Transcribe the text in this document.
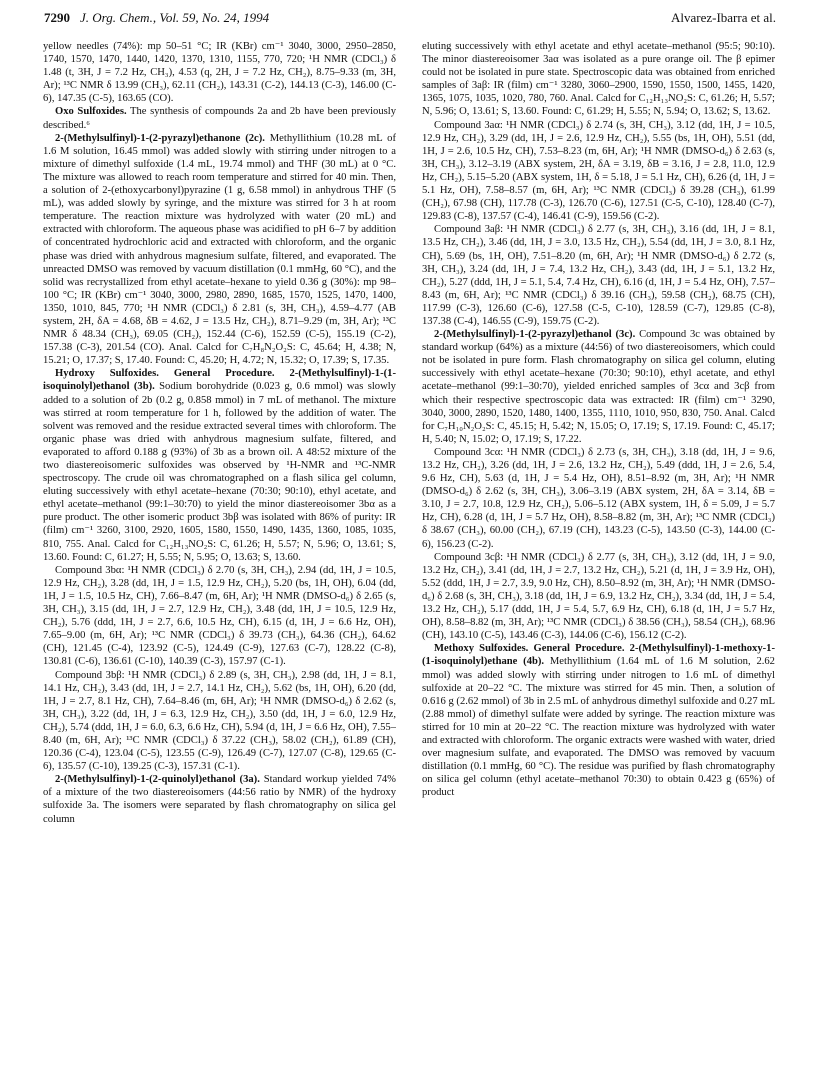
7290 J. Org. Chem., Vol. 59, No. 24, 1994	Alvarez-Ibarra et al.

yellow needles (74%): mp 50–51 °C; IR (KBr) cm⁻¹ 3040, 3000, 2950–2850, 1740, 1570, 1470, 1440, 1420, 1370, 1310, 1155, 770, 720; ¹H NMR (CDCl₃) δ 1.48 (t, 3H, J = 7.2 Hz, CH₃), 4.53 (q, 2H, J = 7.2 Hz, CH₂), 8.75–9.33 (m, 3H, Ar); ¹³C NMR δ 13.99 (CH₃), 62.11 (CH₂), 143.31 (C-2), 144.13 (C-3), 146.00 (C-6), 147.35 (C-5), 163.65 (CO).

Oxo Sulfoxides. The synthesis of compounds 2a and 2b have been previously described.⁶

2-(Methylsulfinyl)-1-(2-pyrazyl)ethanone (2c). Methyllithium (10.28 mL of 1.6 M solution, 16.45 mmol) was added slowly with stirring under nitrogen to a mixture of dimethyl sulfoxide (1.4 mL, 19.74 mmol) and THF (30 mL) at 0 °C. The mixture was allowed to reach room temperature and stirred for 40 min. Then, a solution of 2-(ethoxycarbonyl)pyrazine (1 g, 6.58 mmol) in anhydrous THF (5 mL), was added slowly by syringe, and the mixture was stirred for 3 h at room temperature. The reaction mixture was hydrolyzed with water (20 mL) and extracted with chloroform. The aqueous phase was acidified to pH 6–7 by addition of concentrated hydrochloric acid and extracted with chloroform, and the organic phase was dried with anhydrous magnesium sulfate, filtered, and evaporated. The unreacted DMSO was removed by vacuum distillation (0.1 mmHg, 60 °C), and the solid was recrystallized from ethyl acetate–hexane to yield 0.36 g (30%): mp 98–100 °C; IR (KBr) cm⁻¹ 3040, 3000, 2980, 2890, 1685, 1570, 1525, 1470, 1400, 1350, 1010, 845, 770; ¹H NMR (CDCl₃) δ 2.81 (s, 3H, CH₃), 4.59–4.77 (AB system, 2H, δA = 4.68, δB = 4.62, J = 13.5 Hz, CH₂), 8.71–9.29 (m, 3H, Ar); ¹³C NMR δ 48.34 (CH₃), 69.05 (CH₂), 152.44 (C-6), 152.59 (C-5), 155.19 (C-2), 157.38 (C-3), 201.54 (CO). Anal. Calcd for C₇H₈N₂O₂S: C, 45.64; H, 4.38; N, 15.21; O, 17.37; S, 17.40. Found: C, 45.20; H, 4.72; N, 15.32; O, 17.39; S, 17.35.

Hydroxy Sulfoxides. General Procedure. 2-(Methylsulfinyl)-1-(1-isoquinolyl)ethanol (3b). Sodium borohydride (0.023 g, 0.6 mmol) was slowly added to a solution of 2b (0.2 g, 0.858 mmol) in 7 mL of methanol. The mixture was stirred at room temperature for 1 h, followed by the addition of water. The solvent was removed and the residue extracted several times with chloroform. The organic phase was dried with anhydrous magnesium sulfate, filtered, and evaporated to afford 0.188 g (93%) of 3b as a brown oil. A 48:52 mixture of the two diastereoisomeric sulfoxides was observed by ¹H-NMR and ¹³C-NMR spectroscopy. The crude oil was chromatographed on a flash silica gel column, eluting successively with ethyl acetate–hexane (70:30; 90:10), ethyl acetate, and ethyl acetate–methanol (99:1–30:70) to yield the minor diastereoisomer 3bα as a pure product. The other isomeric product 3bβ was isolated with 86% of purity: IR (film) cm⁻¹ 3260, 3100, 2920, 1605, 1580, 1550, 1490, 1435, 1360, 1085, 1035, 810, 755. Anal. Calcd for C₁₂H₁₃NO₂S: C, 61.26; H, 5.57; N, 5.96; O, 13.61; S, 13.60. Found: C, 61.27; H, 5.55; N, 5.95; O, 13.63; S, 13.60.

Compound 3bα: ¹H NMR (CDCl₃) δ 2.70 (s, 3H, CH₃), 2.94 (dd, 1H, J = 10.5, 12.9 Hz, CH₂), 3.28 (dd, 1H, J = 1.5, 12.9 Hz, CH₂), 5.20 (bs, 1H, OH), 6.04 (dd, 1H, J = 1.5, 10.5 Hz, CH), 7.66–8.47 (m, 6H, Ar); ¹H NMR (DMSO-d₆) δ 2.65 (s, 3H, CH₃), 3.15 (dd, 1H, J = 2.7, 12.9 Hz, CH₂), 3.48 (dd, 1H, J = 10.5, 12.9 Hz, CH₂), 5.76 (ddd, 1H, J = 2.7, 6.6, 10.5 Hz, CH), 6.15 (d, 1H, J = 6.6 Hz, OH), 7.65–9.00 (m, 6H, Ar); ¹³C NMR (CDCl₃) δ 39.73 (CH₃), 64.36 (CH₂), 64.62 (CH), 121.45 (C-4), 123.92 (C-5), 124.49 (C-9), 127.63 (C-7), 128.22 (C-8), 130.81 (C-6), 136.61 (C-10), 140.39 (C-3), 157.97 (C-1).

Compound 3bβ: ¹H NMR (CDCl₃) δ 2.89 (s, 3H, CH₃), 2.98 (dd, 1H, J = 8.1, 14.1 Hz, CH₂), 3.43 (dd, 1H, J = 2.7, 14.1 Hz, CH₂), 5.62 (bs, 1H, OH), 6.20 (dd, 1H, J = 2.7, 8.1 Hz, CH), 7.64–8.46 (m, 6H, Ar); ¹H NMR (DMSO-d₆) δ 2.62 (s, 3H, CH₃), 3.22 (dd, 1H, J = 6.3, 12.9 Hz, CH₂), 3.50 (dd, 1H, J = 6.0, 12.9 Hz, CH₂), 5.74 (ddd, 1H, J = 6.0, 6.3, 6.6 Hz, CH), 5.94 (d, 1H, J = 6.6 Hz, OH), 7.55–8.40 (m, 6H, Ar); ¹³C NMR (CDCl₃) δ 37.22 (CH₃), 58.02 (CH₂), 61.89 (CH), 120.36 (C-4), 123.04 (C-5), 123.55 (C-9), 126.49 (C-7), 127.07 (C-8), 129.65 (C-6), 135.57 (C-10), 139.25 (C-3), 157.31 (C-1).

2-(Methylsulfinyl)-1-(2-quinolyl)ethanol (3a). Standard workup yielded 74% of a mixture of the two diastereoisomers (44:56 ratio by NMR) of the hydroxy sulfoxide 3a. The isomers were separated by flash chromatography on silica gel column

eluting successively with ethyl acetate and ethyl acetate–methanol (95:5; 90:10). The minor diastereoisomer 3aα was isolated as a pure orange oil. The β epimer could not be isolated in pure state. Spectroscopic data was obtained from enriched samples of 3aβ: IR (film) cm⁻¹ 3280, 3060–2900, 1590, 1550, 1500, 1455, 1420, 1365, 1075, 1035, 1020, 780, 760. Anal. Calcd for C₁₂H₁₃NO₂S: C, 61.26; H, 5.57; N, 5.96; O, 13.61; S, 13.60. Found: C, 61.29; H, 5.55; N, 5.94; O, 13.62; S, 13.62.

Compound 3aα: ¹H NMR (CDCl₃) δ 2.74 (s, 3H, CH₃), 3.12 (dd, 1H, J = 10.5, 12.9 Hz, CH₂), 3.29 (dd, 1H, J = 2.6, 12.9 Hz, CH₂), 5.55 (bs, 1H, OH), 5.51 (dd, 1H, J = 2.6, 10.5 Hz, CH), 7.53–8.23 (m, 6H, Ar); ¹H NMR (DMSO-d₆) δ 2.63 (s, 3H, CH₃), 3.12–3.19 (ABX system, 2H, δA = 3.19, δB = 3.16, J = 2.8, 11.0, 12.9 Hz, CH₂), 5.15–5.20 (ABX system, 1H, δ = 5.18, J = 5.1 Hz, CH), 6.26 (d, 1H, J = 5.1 Hz, OH), 7.58–8.57 (m, 6H, Ar); ¹³C NMR (CDCl₃) δ 39.28 (CH₃), 61.99 (CH₂), 67.98 (CH), 117.78 (C-3), 126.70 (C-6), 127.51 (C-5, C-10), 128.40 (C-7), 129.83 (C-8), 137.57 (C-4), 146.41 (C-9), 159.56 (C-2).

Compound 3aβ: ¹H NMR (CDCl₃) δ 2.77 (s, 3H, CH₃), 3.16 (dd, 1H, J = 8.1, 13.5 Hz, CH₂), 3.46 (dd, 1H, J = 3.0, 13.5 Hz, CH₂), 5.54 (dd, 1H, J = 3.0, 8.1 Hz, CH), 5.69 (bs, 1H, OH), 7.51–8.20 (m, 6H, Ar); ¹H NMR (DMSO-d₆) δ 2.72 (s, 3H, CH₃), 3.24 (dd, 1H, J = 7.4, 13.2 Hz, CH₂), 3.43 (dd, 1H, J = 5.1, 13.2 Hz, CH₂), 5.27 (ddd, 1H, J = 5.1, 5.4, 7.4 Hz, CH), 6.16 (d, 1H, J = 5.4 Hz, OH), 7.57–8.43 (m, 6H, Ar); ¹³C NMR (CDCl₃) δ 39.16 (CH₃), 59.58 (CH₂), 68.75 (CH), 117.99 (C-3), 126.60 (C-6), 127.58 (C-5, C-10), 128.59 (C-7), 129.85 (C-8), 137.38 (C-4), 146.55 (C-9), 159.75 (C-2).

2-(Methylsulfinyl)-1-(2-pyrazyl)ethanol (3c). Compound 3c was obtained by standard workup (64%) as a mixture (44:56) of two diastereoisomers, which could not be isolated in pure form. Flash chromatography on silica gel column, eluting successively with ethyl acetate–hexane (70:30; 90:10), ethyl acetate, and ethyl acetate–methanol (99:1–30:70), yielded enriched samples of 3cα and 3cβ from which their respective spectroscopic data was extracted: IR (film) cm⁻¹ 3290, 3040, 3000, 2890, 1520, 1480, 1400, 1355, 1110, 1010, 950, 830, 750. Anal. Calcd for C₇H₁₀N₂O₂S: C, 45.15; H, 5.42; N, 15.05; O, 17.19; S, 17.19. Found: C, 45.17; H, 5.40; N, 15.02; O, 17.19; S, 17.22.

Compound 3cα: ¹H NMR (CDCl₃) δ 2.73 (s, 3H, CH₃), 3.18 (dd, 1H, J = 9.6, 13.2 Hz, CH₂), 3.26 (dd, 1H, J = 2.6, 13.2 Hz, CH₂), 5.49 (ddd, 1H, J = 2.6, 5.4, 9.6 Hz, CH), 5.63 (d, 1H, J = 5.4 Hz, OH), 8.51–8.92 (m, 3H, Ar); ¹H NMR (DMSO-d₆) δ 2.62 (s, 3H, CH₃), 3.06–3.19 (ABX system, 2H, δA = 3.14, δB = 3.10, J = 2.7, 10.8, 12.9 Hz, CH₂), 5.06–5.12 (ABX system, 1H, δ = 5.09, J = 5.7 Hz, CH), 6.28 (d, 1H, J = 5.7 Hz, OH), 8.58–8.82 (m, 3H, Ar); ¹³C NMR (CDCl₃) δ 38.67 (CH₃), 60.00 (CH₂), 67.19 (CH), 143.23 (C-5), 143.50 (C-3), 144.00 (C-6), 156.23 (C-2).

Compound 3cβ: ¹H NMR (CDCl₃) δ 2.77 (s, 3H, CH₃), 3.12 (dd, 1H, J = 9.0, 13.2 Hz, CH₂), 3.41 (dd, 1H, J = 2.7, 13.2 Hz, CH₂), 5.21 (d, 1H, J = 3.9 Hz, OH), 5.52 (ddd, 1H, J = 2.7, 3.9, 9.0 Hz, CH), 8.50–8.92 (m, 3H, Ar); ¹H NMR (DMSO-d₆) δ 2.68 (s, 3H, CH₃), 3.18 (dd, 1H, J = 6.9, 13.2 Hz, CH₂), 3.34 (dd, 1H, J = 5.4, 13.2 Hz, CH₂), 5.17 (ddd, 1H, J = 5.4, 5.7, 6.9 Hz, CH), 6.18 (d, 1H, J = 5.7 Hz, OH), 8.58–8.82 (m, 3H, Ar); ¹³C NMR (CDCl₃) δ 38.56 (CH₃), 58.54 (CH₂), 68.96 (CH), 143.10 (C-5), 143.46 (C-3), 144.06 (C-6), 156.12 (C-2).

Methoxy Sulfoxides. General Procedure. 2-(Methylsulfinyl)-1-methoxy-1-(1-isoquinolyl)ethane (4b). Methyllithium (1.64 mL of 1.6 M solution, 2.62 mmol) was added slowly with stirring under nitrogen to 1.6 mL of dimethyl sulfoxide at 20–22 °C. The mixture was stirred for 45 min. Then, a solution of 0.616 g (2.62 mmol) of 3b in 2.5 mL of anhydrous dimethyl sulfoxide and 0.27 mL (2.88 mmol) of dimethyl sulfate were added by syringe. The reaction mixture was stirred for 10 min at 20–22 °C. The reaction mixture was hydrolyzed with water and extracted with chloroform. The organic extracts were washed with water, dried over magnesium sulfate, and evaporated. The DMSO was removed by vacuum distillation (0.1 mmHg, 60 °C). The residue was purified by flash chromatography on silica gel column (ethyl acetate–methanol 70:30) to obtain 0.423 g (65%) of product
